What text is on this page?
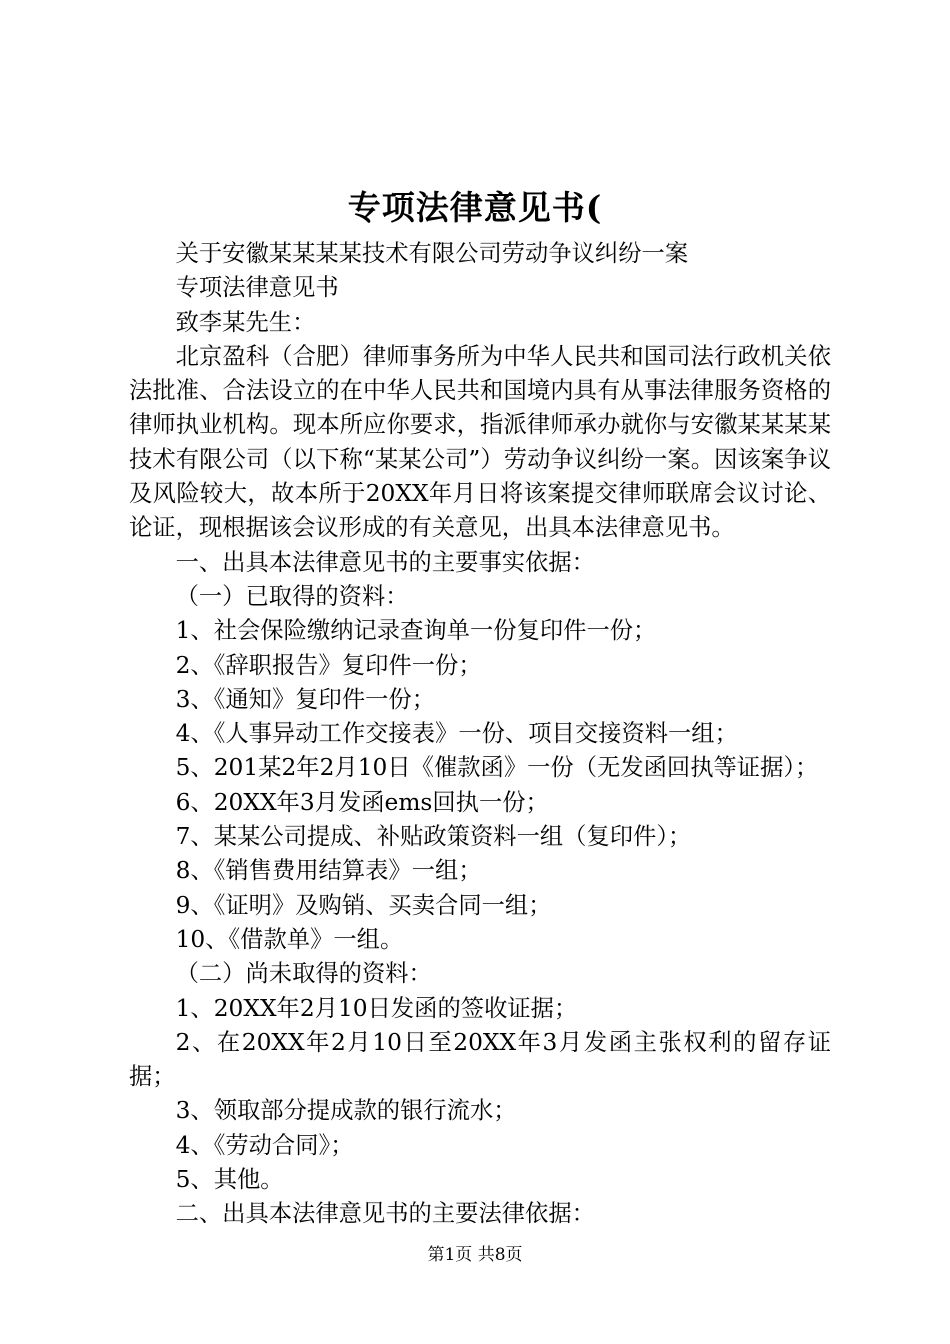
专项法律意见书(

关于安徽某某某某技术有限公司劳动争议纠纷一案

专项法律意见书

致李某先生：

北京盈科（合肥）律师事务所为中华人民共和国司法行政机关依法批准、合法设立的在中华人民共和国境内具有从事法律服务资格的律师执业机构。现本所应你要求，指派律师承办就你与安徽某某某某技术有限公司（以下称“某某公司”）劳动争议纠纷一案。因该案争议及风险较大，故本所于20XX年月日将该案提交律师联席会议讨论、论证，现根据该会议形成的有关意见，出具本法律意见书。

一、出具本法律意见书的主要事实依据：

（一）已取得的资料：

1、社会保险缴纳记录查询单一份复印件一份；

2、《辞职报告》复印件一份；

3、《通知》复印件一份；

4、《人事异动工作交接表》一份、项目交接资料一组；

5、201某2年2月10日《催款函》一份（无发函回执等证据）；

6、20XX年3月发函ems回执一份；

7、某某公司提成、补贴政策资料一组（复印件）；

8、《销售费用结算表》一组；

9、《证明》及购销、买卖合同一组；

10、《借款单》一组。

（二）尚未取得的资料：

1、20XX年2月10日发函的签收证据；

2、在20XX年2月10日至20XX年3月发函主张权利的留存证据；

3、领取部分提成款的银行流水；

4、《劳动合同》；

5、其他。

二、出具本法律意见书的主要法律依据：

第1页 共8页
